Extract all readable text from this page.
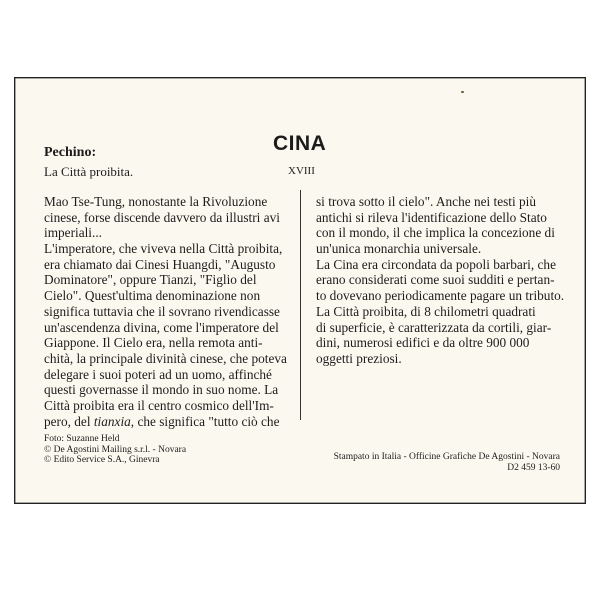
Pechino:
La Città proibita.
CINA
XVIII
Mao Tse-Tung, nonostante la Rivoluzione
cinese, forse discende davvero da illustri avi
imperiali...
L'imperatore, che viveva nella Città proibita,
era chiamato dai Cinesi Huangdi, "Augusto
Dominatore", oppure Tianzi, "Figlio del
Cielo". Quest'ultima denominazione non
significa tuttavia che il sovrano rivendicasse
un'ascendenza divina, come l'imperatore del
Giappone. Il Cielo era, nella remota anti-
chità, la principale divinità cinese, che poteva
delegare i suoi poteri ad un uomo, affinché
questi governasse il mondo in suo nome. La
Città proibita era il centro cosmico dell'Im-
pero, del tianxia, che significa "tutto ciò che
si trova sotto il cielo". Anche nei testi più
antichi si rileva l'identificazione dello Stato
con il mondo, il che implica la concezione di
un'unica monarchia universale.
La Cina era circondata da popoli barbari, che
erano considerati come suoi sudditi e pertan-
to dovevano periodicamente pagare un tributo.
La Città proibita, di 8 chilometri quadrati
di superficie, è caratterizzata da cortili, giar-
dini, numerosi edifici e da oltre 900 000
oggetti preziosi.
Foto: Suzanne Held
© De Agostini Mailing s.r.l. - Novara
© Edito Service S.A., Ginevra	Stampato in Italia - Officine Grafiche De Agostini - Novara
D2 459 13-60
